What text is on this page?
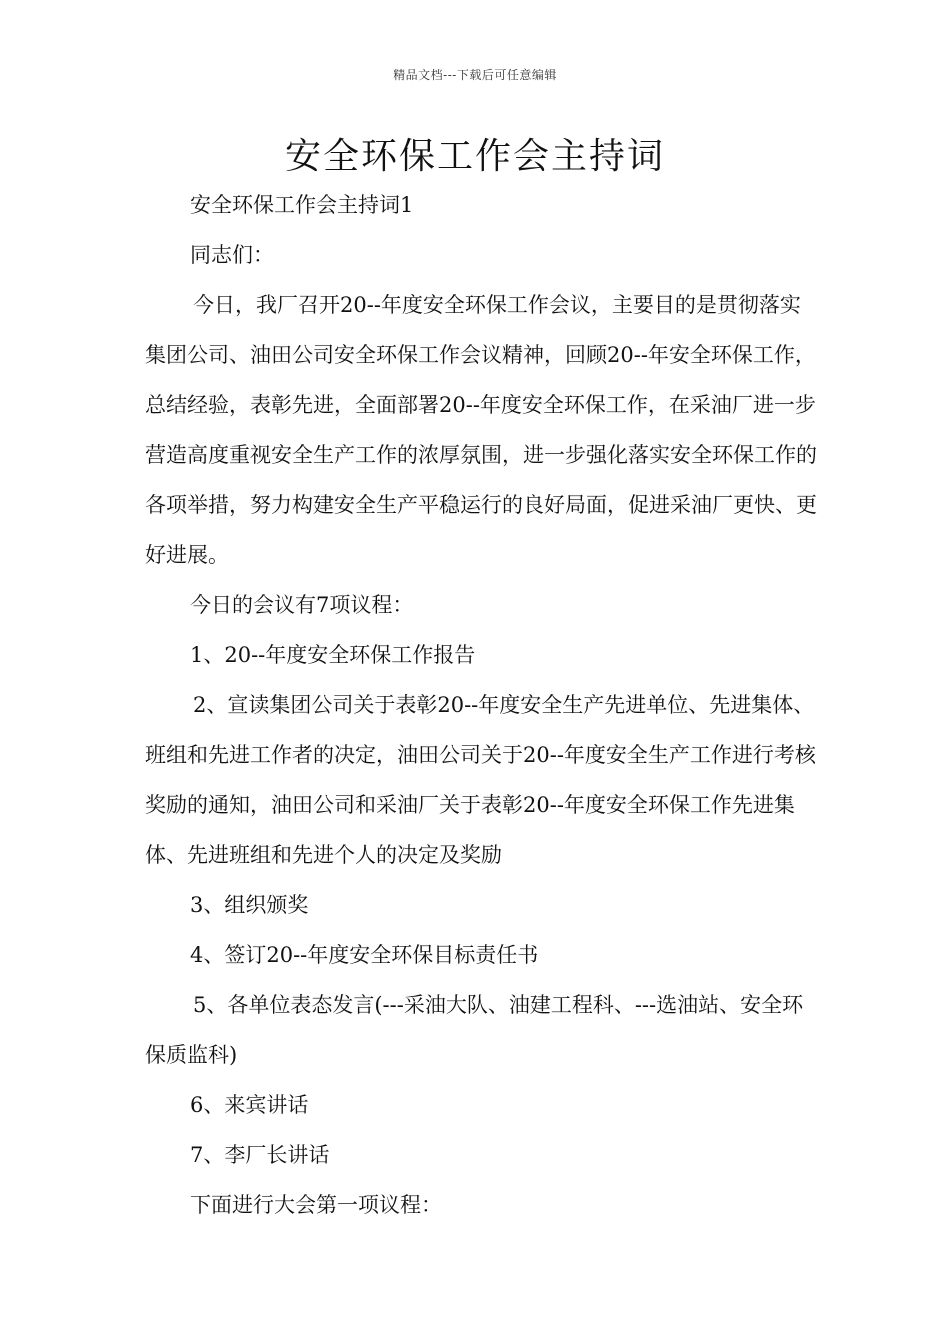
精品文档---下载后可任意编辑
安全环保工作会主持词

安全环保工作会主持词1

同志们：

今日，我厂召开20--年度安全环保工作会议，主要目的是贯彻落实集团公司、油田公司安全环保工作会议精神，回顾20--年安全环保工作，总结经验，表彰先进，全面部署20--年度安全环保工作，在采油厂进一步营造高度重视安全生产工作的浓厚氛围，进一步强化落实安全环保工作的各项举措，努力构建安全生产平稳运行的良好局面，促进采油厂更快、更好进展。

今日的会议有7项议程：

1、20--年度安全环保工作报告

2、宣读集团公司关于表彰20--年度安全生产先进单位、先进集体、班组和先进工作者的决定，油田公司关于20--年度安全生产工作进行考核奖励的通知，油田公司和采油厂关于表彰20--年度安全环保工作先进集体、先进班组和先进个人的决定及奖励

3、组织颁奖

4、签订20--年度安全环保目标责任书

5、各单位表态发言(---采油大队、油建工程科、---选油站、安全环保质监科)

6、来宾讲话

7、李厂长讲话

下面进行大会第一项议程：
